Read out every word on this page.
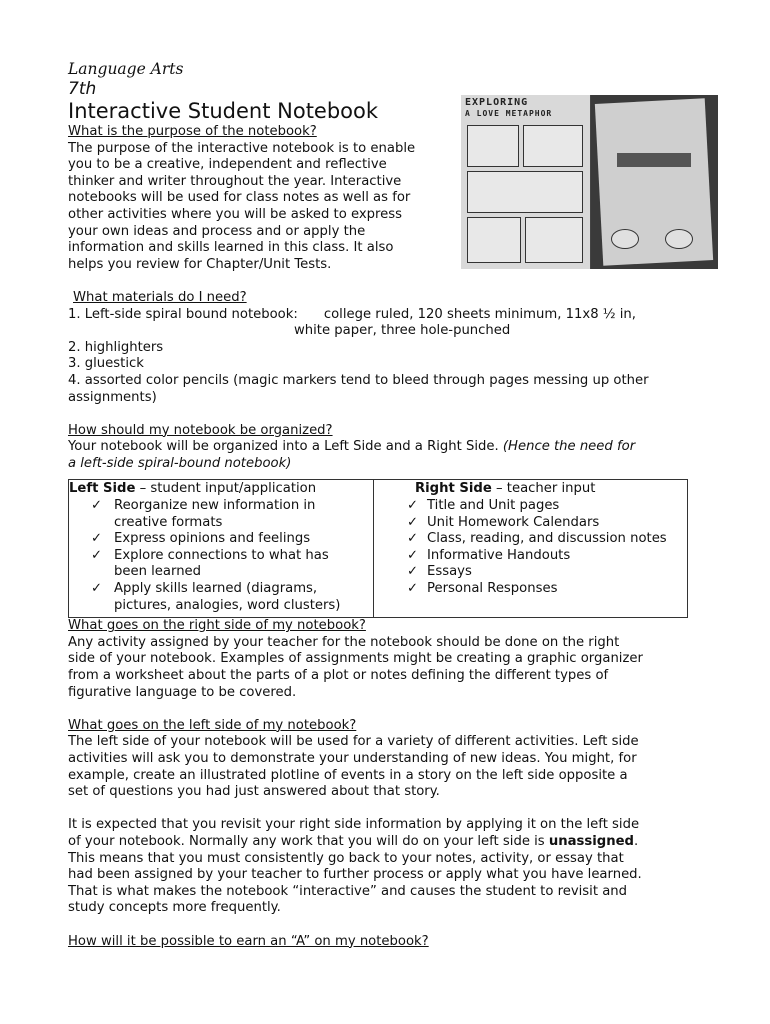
EXPLORING
A LOVE METAPHOR

Language Arts

7th

Interactive Student Notebook

What is the purpose of the notebook?

The purpose of the interactive notebook is to enable

you to be a creative, independent and reflective

thinker and writer throughout the year. Interactive

notebooks will be used for class notes as well as for

other activities where you will be asked to express

your own ideas and process and or apply the

information and skills learned in this class. It also

helps you review for Chapter/Unit Tests.

What materials do I need?

1. Left-side spiral bound notebook: college ruled, 120 sheets minimum, 11x8 ½ in,

white paper, three hole-punched

2. highlighters

3. gluestick

4. assorted color pencils (magic markers tend to bleed through pages messing up other

assignments)

How should my notebook be organized?

Your notebook will be organized into a Left Side and a Right Side. (Hence the need for

a left-side spiral-bound notebook)

Left Side – student input/application
✓ Reorganize new information in
creative formats
✓ Express opinions and feelings
✓ Explore connections to what has
been learned
✓ Apply skills learned (diagrams,
pictures, analogies, word clusters)

Right Side – teacher input
✓ Title and Unit pages
✓ Unit Homework Calendars
✓ Class, reading, and discussion notes
✓ Informative Handouts
✓ Essays
✓ Personal Responses

What goes on the right side of my notebook?

Any activity assigned by your teacher for the notebook should be done on the right

side of your notebook. Examples of assignments might be creating a graphic organizer

from a worksheet about the parts of a plot or notes defining the different types of

figurative language to be covered.

What goes on the left side of my notebook?

The left side of your notebook will be used for a variety of different activities. Left side

activities will ask you to demonstrate your understanding of new ideas. You might, for

example, create an illustrated plotline of events in a story on the left side opposite a

set of questions you had just answered about that story.

It is expected that you revisit your right side information by applying it on the left side

of your notebook. Normally any work that you will do on your left side is unassigned.

This means that you must consistently go back to your notes, activity, or essay that

had been assigned by your teacher to further process or apply what you have learned.

That is what makes the notebook “interactive” and causes the student to revisit and

study concepts more frequently.

How will it be possible to earn an “A” on my notebook?
